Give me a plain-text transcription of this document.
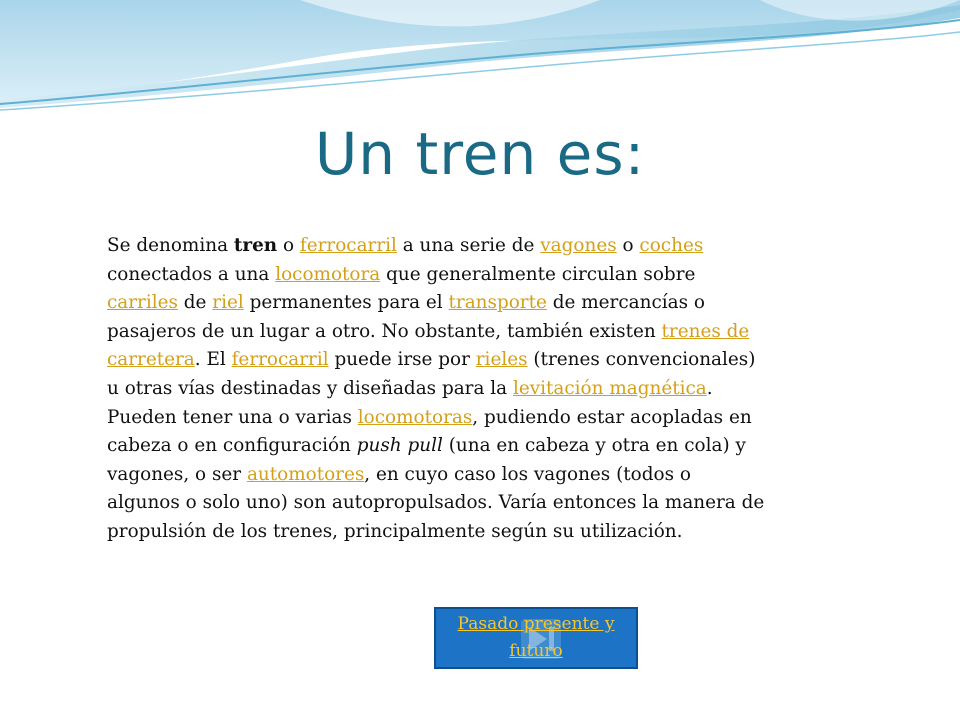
Un tren es:
Se denomina tren o ferrocarril a una serie de vagones o coches conectados a una locomotora que generalmente circulan sobre carriles de riel permanentes para el transporte de mercancías o pasajeros de un lugar a otro. No obstante, también existen trenes de carretera. El ferrocarril puede irse por rieles (trenes convencionales) u otras vías destinadas y diseñadas para la levitación magnética. Pueden tener una o varias locomotoras, pudiendo estar acopladas en cabeza o en configuración push pull (una en cabeza y otra en cola) y vagones, o ser automotores, en cuyo caso los vagones (todos o algunos o solo uno) son autopropulsados. Varía entonces la manera de propulsión de los trenes, principalmente según su utilización.
Pasado presente y futuro
